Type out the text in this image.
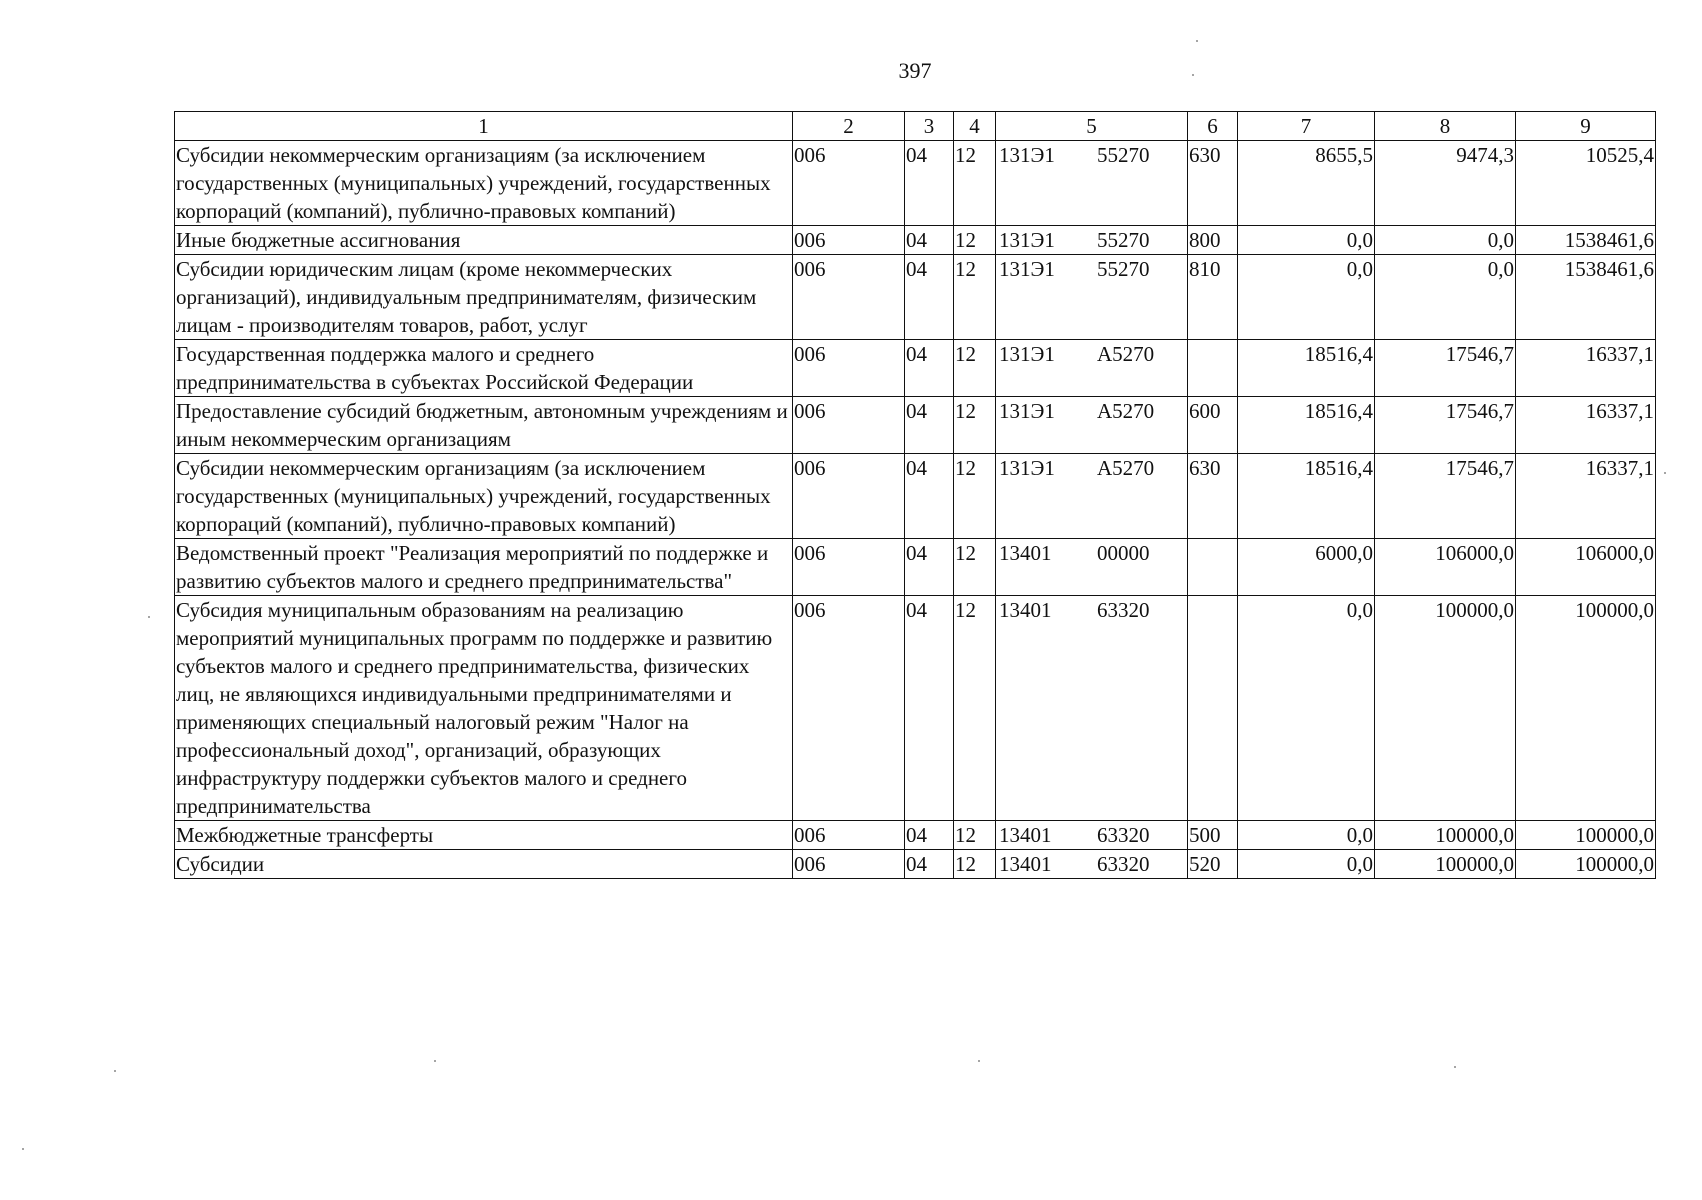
397
1	2	3	4	5	6	7	8	9
Субсидии некоммерческим организациям (за исключением государственных (муниципальных) учреждений, государственных корпораций (компаний), публично-правовых компаний)	006	04	12	131Э1 55270	630	8655,5	9474,3	10525,4
Иные бюджетные ассигнования	006	04	12	131Э1 55270	800	0,0	0,0	1538461,6
Субсидии юридическим лицам (кроме некоммерческих организаций), индивидуальным предпринимателям, физическим лицам - производителям товаров, работ, услуг	006	04	12	131Э1 55270	810	0,0	0,0	1538461,6
Государственная поддержка малого и среднего предпринимательства в субъектах Российской Федерации	006	04	12	131Э1 A5270		18516,4	17546,7	16337,1
Предоставление субсидий бюджетным, автономным учреждениям и иным некоммерческим организациям	006	04	12	131Э1 A5270	600	18516,4	17546,7	16337,1
Субсидии некоммерческим организациям (за исключением государственных (муниципальных) учреждений, государственных корпораций (компаний), публично-правовых компаний)	006	04	12	131Э1 A5270	630	18516,4	17546,7	16337,1
Ведомственный проект "Реализация мероприятий по поддержке и развитию субъектов малого и среднего предпринимательства"	006	04	12	13401 00000		6000,0	106000,0	106000,0
Субсидия муниципальным образованиям на реализацию мероприятий муниципальных программ по поддержке и развитию субъектов малого и среднего предпринимательства, физических лиц, не являющихся индивидуальными предпринимателями и применяющих специальный налоговый режим "Налог на профессиональный доход", организаций, образующих инфраструктуру поддержки субъектов малого и среднего предпринимательства	006	04	12	13401 63320		0,0	100000,0	100000,0
Межбюджетные трансферты	006	04	12	13401 63320	500	0,0	100000,0	100000,0
Субсидии	006	04	12	13401 63320	520	0,0	100000,0	100000,0
